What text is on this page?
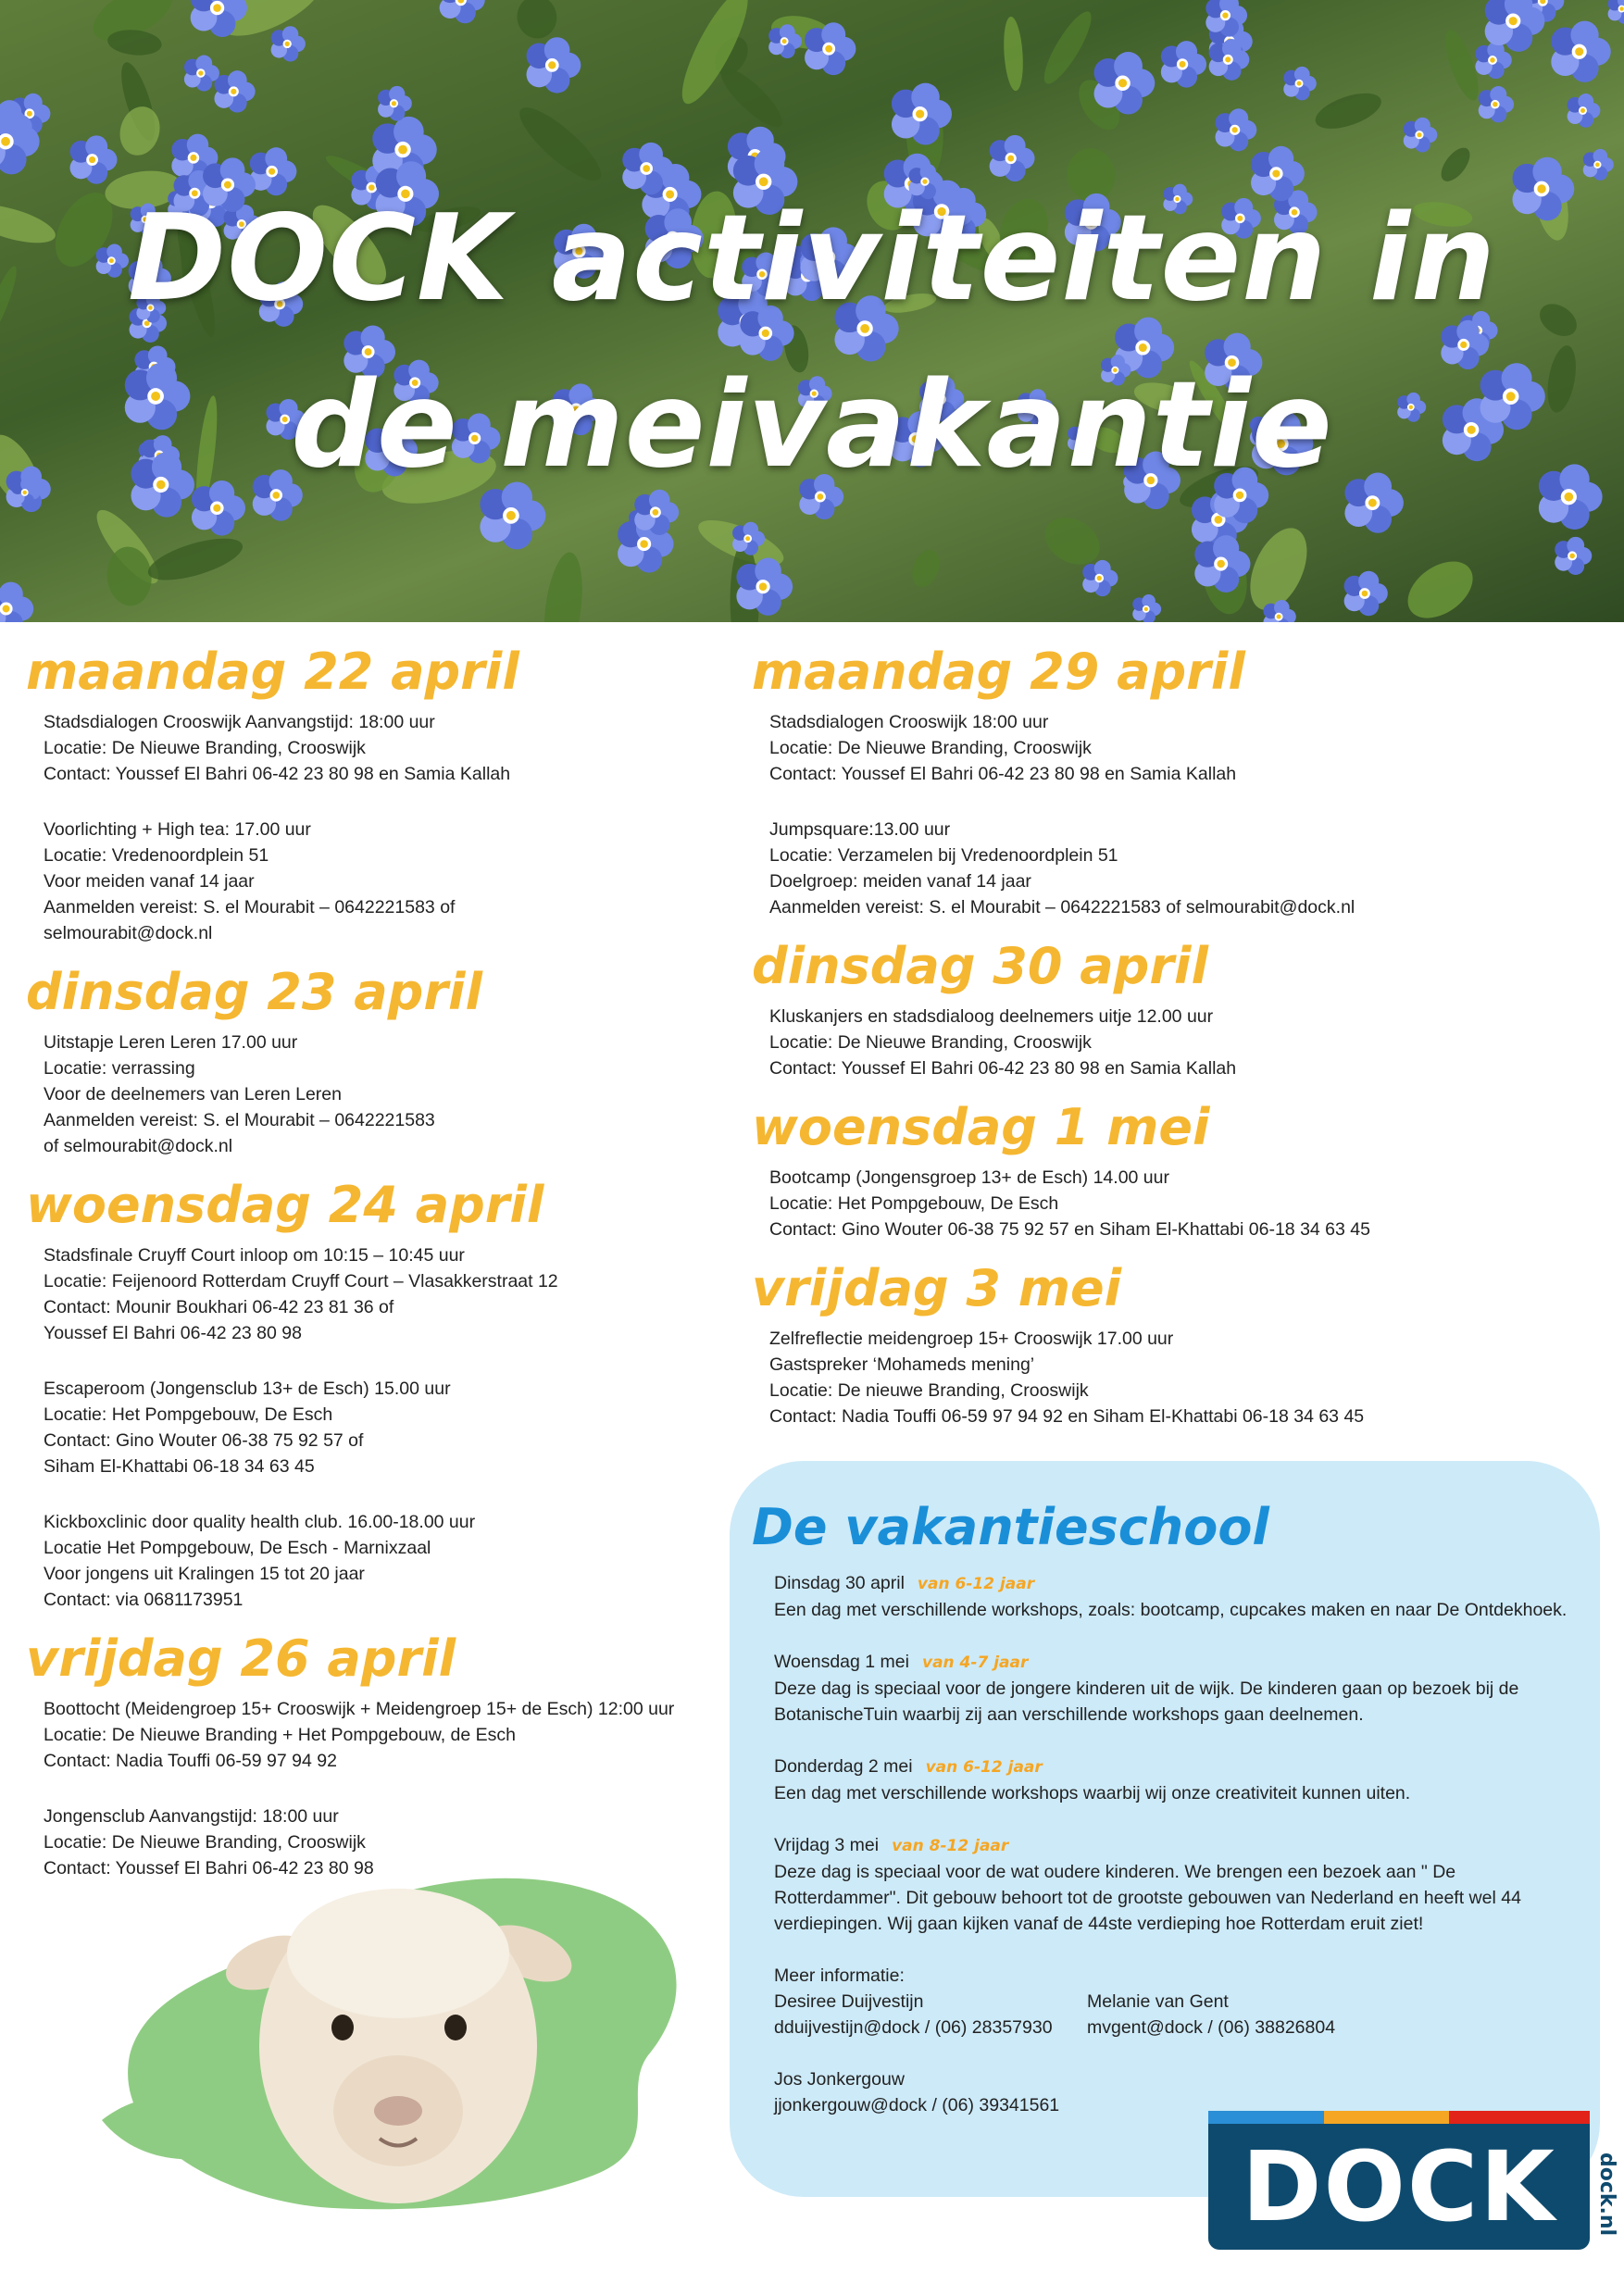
DOCK activiteiten in
de meivakantie
maandag 22 april
Stadsdialogen Crooswijk Aanvangstijd: 18:00 uur
Locatie: De Nieuwe Branding, Crooswijk
Contact: Youssef El Bahri 06-42 23 80 98 en Samia Kallah
Voorlichting + High tea: 17.00 uur
Locatie: Vredenoordplein 51
Voor meiden vanaf 14 jaar
Aanmelden vereist: S. el Mourabit – 0642221583 of
selmourabit@dock.nl
dinsdag 23 april
Uitstapje Leren Leren 17.00 uur
Locatie: verrassing
Voor de deelnemers van Leren Leren
Aanmelden vereist: S. el Mourabit – 0642221583
of selmourabit@dock.nl
woensdag 24 april
Stadsfinale Cruyff Court inloop om 10:15 – 10:45 uur
Locatie: Feijenoord Rotterdam Cruyff Court – Vlasakkerstraat 12
Contact: Mounir Boukhari 06-42 23 81 36 of
Youssef El Bahri 06-42 23 80 98
Escaperoom (Jongensclub 13+ de Esch) 15.00 uur
Locatie: Het Pompgebouw, De Esch
Contact: Gino Wouter 06-38 75 92 57 of
Siham El-Khattabi 06-18 34 63 45
Kickboxclinic door quality health club. 16.00-18.00 uur
Locatie Het Pompgebouw, De Esch - Marnixzaal
Voor jongens uit Kralingen 15 tot 20 jaar
Contact: via 0681173951
vrijdag 26 april
Boottocht (Meidengroep 15+ Crooswijk + Meidengroep 15+ de Esch) 12:00 uur
Locatie: De Nieuwe Branding + Het Pompgebouw, de Esch
Contact: Nadia Touffi 06-59 97 94 92
Jongensclub Aanvangstijd: 18:00 uur
Locatie: De Nieuwe Branding, Crooswijk
Contact: Youssef El Bahri 06-42 23 80 98
maandag 29 april
Stadsdialogen Crooswijk 18:00 uur
Locatie: De Nieuwe Branding, Crooswijk
Contact: Youssef El Bahri 06-42 23 80 98 en Samia Kallah
Jumpsquare:13.00 uur
Locatie: Verzamelen bij Vredenoordplein 51
Doelgroep: meiden vanaf 14 jaar
Aanmelden vereist: S. el Mourabit – 0642221583 of selmourabit@dock.nl
dinsdag 30 april
Kluskanjers en stadsdialoog deelnemers uitje 12.00 uur
Locatie: De Nieuwe Branding, Crooswijk
Contact: Youssef El Bahri 06-42 23 80 98 en Samia Kallah
woensdag 1 mei
Bootcamp (Jongensgroep 13+ de Esch) 14.00 uur
Locatie: Het Pompgebouw, De Esch
Contact: Gino Wouter 06-38 75 92 57 en Siham El-Khattabi 06-18 34 63 45
vrijdag 3 mei
Zelfreflectie meidengroep 15+ Crooswijk 17.00 uur
Gastspreker ‘Mohameds mening’
Locatie: De nieuwe Branding, Crooswijk
Contact: Nadia Touffi 06-59 97 94 92 en Siham El-Khattabi 06-18 34 63 45
De vakantieschool
Dinsdag 30 april van 6-12 jaar
Een dag met verschillende workshops, zoals: bootcamp, cupcakes maken en naar De Ontdekhoek.
Woensdag 1 mei van 4-7 jaar
Deze dag is speciaal voor de jongere kinderen uit de wijk. De kinderen gaan op bezoek bij de BotanischeTuin waarbij zij aan verschillende workshops gaan deelnemen.
Donderdag 2 mei van 6-12 jaar
Een dag met verschillende workshops waarbij wij onze creativiteit kunnen uiten.
Vrijdag 3 mei van 8-12 jaar
Deze dag is speciaal voor de wat oudere kinderen. We brengen een bezoek aan " De Rotterdammer". Dit gebouw behoort tot de grootste gebouwen van Nederland en heeft wel 44 verdiepingen. Wij gaan kijken vanaf de 44ste verdieping hoe Rotterdam eruit ziet!
Meer informatie:
Desiree Duijvestijn
dduijvestijn@dock / (06) 28357930
Melanie van Gent
mvgent@dock / (06) 38826804
Jos Jonkergouw
jjonkergouw@dock / (06) 39341561
DOCK dock.nl
